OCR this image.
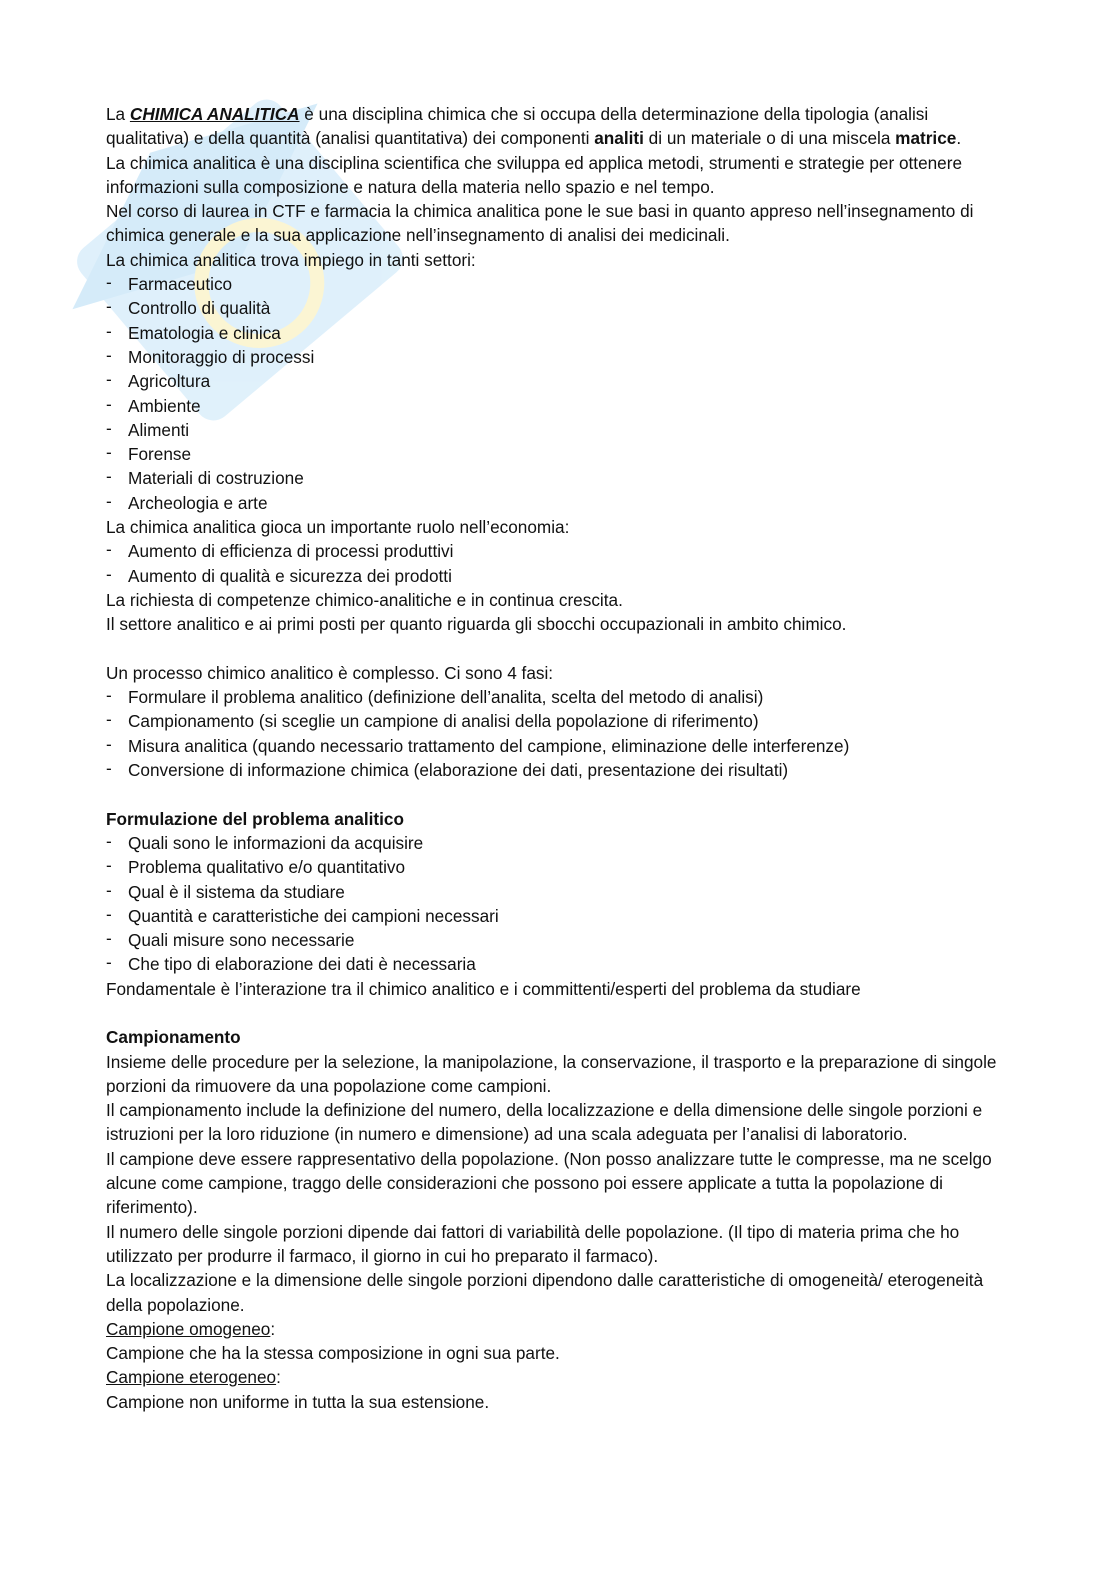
La CHIMICA ANALITICA è una disciplina chimica che si occupa della determinazione della tipologia (analisi qualitativa) e della quantità (analisi quantitativa) dei componenti analiti di un materiale o di una miscela matrice.

La chimica analitica è una disciplina scientifica che sviluppa ed applica metodi, strumenti e strategie per ottenere informazioni sulla composizione e natura della materia nello spazio e nel tempo.

Nel corso di laurea in CTF e farmacia la chimica analitica pone le sue basi in quanto appreso nell’insegnamento di chimica generale e la sua applicazione nell’insegnamento di analisi dei medicinali.

La chimica analitica trova impiego in tanti settori:

- Farmaceutico
- Controllo di qualità
- Ematologia e clinica
- Monitoraggio di processi
- Agricoltura
- Ambiente
- Alimenti
- Forense
- Materiali di costruzione
- Archeologia e arte

La chimica analitica gioca un importante ruolo nell’economia:

- Aumento di efficienza di processi produttivi
- Aumento di qualità e sicurezza dei prodotti

La richiesta di competenze chimico-analitiche e in continua crescita.

Il settore analitico e ai primi posti per quanto riguarda gli sbocchi occupazionali in ambito chimico.

Un processo chimico analitico è complesso. Ci sono 4 fasi:

- Formulare il problema analitico (definizione dell’analita, scelta del metodo di analisi)
- Campionamento (si sceglie un campione di analisi della popolazione di riferimento)
- Misura analitica (quando necessario trattamento del campione, eliminazione delle interferenze)
- Conversione di informazione chimica (elaborazione dei dati, presentazione dei risultati)

Formulazione del problema analitico

- Quali sono le informazioni da acquisire
- Problema qualitativo e/o quantitativo
- Qual è il sistema da studiare
- Quantità e caratteristiche dei campioni necessari
- Quali misure sono necessarie
- Che tipo di elaborazione dei dati è necessaria

Fondamentale è l’interazione tra il chimico analitico e i committenti/esperti del problema da studiare

Campionamento

Insieme delle procedure per la selezione, la manipolazione, la conservazione, il trasporto e la preparazione di singole porzioni da rimuovere da una popolazione come campioni.

Il campionamento include la definizione del numero, della localizzazione e della dimensione delle singole porzioni e istruzioni per la loro riduzione (in numero e dimensione) ad una scala adeguata per l’analisi di laboratorio.

Il campione deve essere rappresentativo della popolazione. (Non posso analizzare tutte le compresse, ma ne scelgo alcune come campione, traggo delle considerazioni che possono poi essere applicate a tutta la popolazione di riferimento).

Il numero delle singole porzioni dipende dai fattori di variabilità delle popolazione. (Il tipo di materia prima che ho utilizzato per produrre il farmaco, il giorno in cui ho preparato il farmaco).

La localizzazione e la dimensione delle singole porzioni dipendono dalle caratteristiche di omogeneità/ eterogeneità della popolazione.

Campione omogeneo:

Campione che ha la stessa composizione in ogni sua parte.

Campione eterogeneo:

Campione non uniforme in tutta la sua estensione.
